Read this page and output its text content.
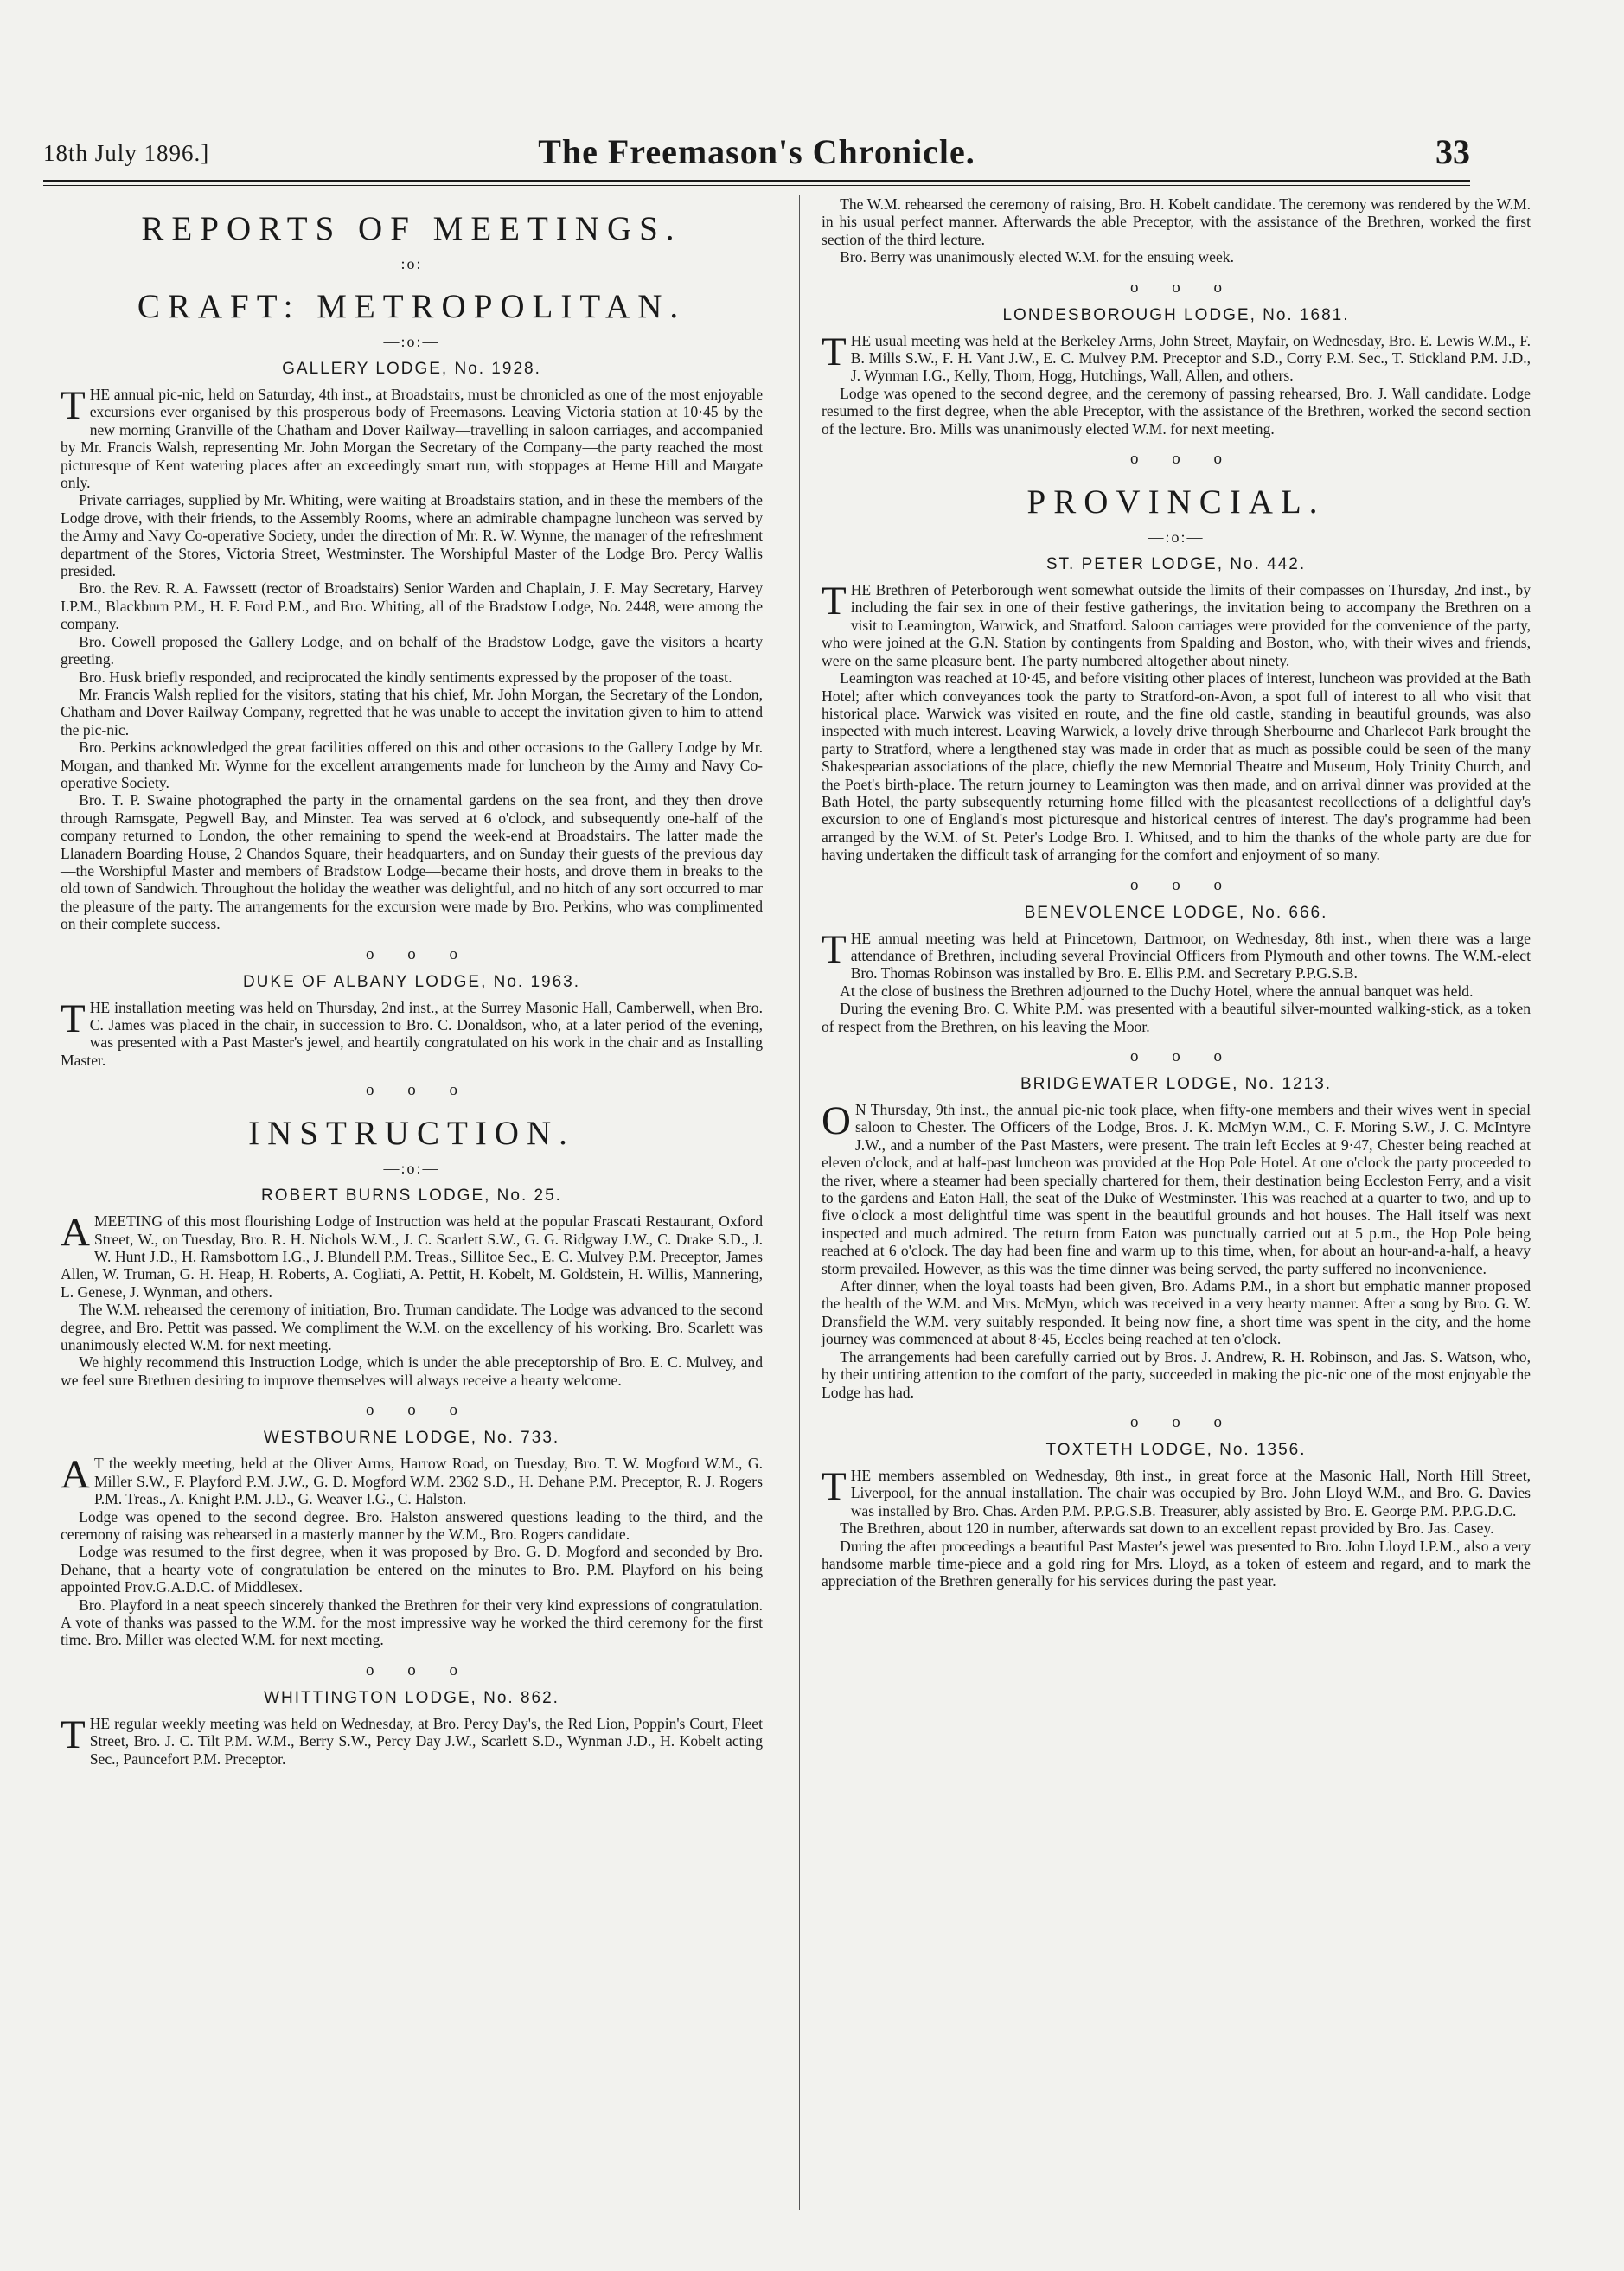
18th July 1896.]	The Freemason's Chronicle.	33
REPORTS OF MEETINGS.
—:o:—
CRAFT: METROPOLITAN.
—:o:—
GALLERY LODGE, No. 1928.

THE annual pic-nic, held on Saturday, 4th inst., at Broadstairs, must be chronicled as one of the most enjoyable excursions ever organised by this prosperous body of Freemasons. Leaving Victoria station at 10·45 by the new morning Granville of the Chatham and Dover Railway—travelling in saloon carriages, and accompanied by Mr. Francis Walsh, representing Mr. John Morgan the Secretary of the Company—the party reached the most picturesque of Kent watering places after an exceedingly smart run, with stoppages at Herne Hill and Margate only.

Private carriages, supplied by Mr. Whiting, were waiting at Broadstairs station, and in these the members of the Lodge drove, with their friends, to the Assembly Rooms, where an admirable champagne luncheon was served by the Army and Navy Co-operative Society, under the direction of Mr. R. W. Wynne, the manager of the refreshment department of the Stores, Victoria Street, Westminster. The Worshipful Master of the Lodge Bro. Percy Wallis presided.

Bro. the Rev. R. A. Fawssett (rector of Broadstairs) Senior Warden and Chaplain, J. F. May Secretary, Harvey I.P.M., Blackburn P.M., H. F. Ford P.M., and Bro. Whiting, all of the Bradstow Lodge, No. 2448, were among the company.

Bro. Cowell proposed the Gallery Lodge, and on behalf of the Bradstow Lodge, gave the visitors a hearty greeting.

Bro. Husk briefly responded, and reciprocated the kindly sentiments expressed by the proposer of the toast.

Mr. Francis Walsh replied for the visitors, stating that his chief, Mr. John Morgan, the Secretary of the London, Chatham and Dover Railway Company, regretted that he was unable to accept the invitation given to him to attend the pic-nic.

Bro. Perkins acknowledged the great facilities offered on this and other occasions to the Gallery Lodge by Mr. Morgan, and thanked Mr. Wynne for the excellent arrangements made for luncheon by the Army and Navy Co-operative Society.

Bro. T. P. Swaine photographed the party in the ornamental gardens on the sea front, and they then drove through Ramsgate, Pegwell Bay, and Minster. Tea was served at 6 o'clock, and subsequently one-half of the company returned to London, the other remaining to spend the week-end at Broadstairs. The latter made the Llanadern Boarding House, 2 Chandos Square, their headquarters, and on Sunday their guests of the previous day —the Worshipful Master and members of Bradstow Lodge—became their hosts, and drove them in breaks to the old town of Sandwich. Throughout the holiday the weather was delightful, and no hitch of any sort occurred to mar the pleasure of the party. The arrangements for the excursion were made by Bro. Perkins, who was complimented on their complete success.

o o o
DUKE OF ALBANY LODGE, No. 1963.

THE installation meeting was held on Thursday, 2nd inst., at the Surrey Masonic Hall, Camberwell, when Bro. C. James was placed in the chair, in succession to Bro. C. Donaldson, who, at a later period of the evening, was presented with a Past Master's jewel, and heartily congratulated on his work in the chair and as Installing Master.

o o o
INSTRUCTION.
—:o:—
ROBERT BURNS LODGE, No. 25.

AMEETING of this most flourishing Lodge of Instruction was held at the popular Frascati Restaurant, Oxford Street, W., on Tuesday, Bro. R. H. Nichols W.M., J. C. Scarlett S.W., G. G. Ridgway J.W., C. Drake S.D., J. W. Hunt J.D., H. Ramsbottom I.G., J. Blundell P.M. Treas., Sillitoe Sec., E. C. Mulvey P.M. Preceptor, James Allen, W. Truman, G. H. Heap, H. Roberts, A. Cogliati, A. Pettit, H. Kobelt, M. Goldstein, H. Willis, Mannering, L. Genese, J. Wynman, and others.

The W.M. rehearsed the ceremony of initiation, Bro. Truman candidate. The Lodge was advanced to the second degree, and Bro. Pettit was passed. We compliment the W.M. on the excellency of his working. Bro. Scarlett was unanimously elected W.M. for next meeting.

We highly recommend this Instruction Lodge, which is under the able preceptorship of Bro. E. C. Mulvey, and we feel sure Brethren desiring to improve themselves will always receive a hearty welcome.

o o o
WESTBOURNE LODGE, No. 733.

A T the weekly meeting, held at the Oliver Arms, Harrow Road, on Tuesday, Bro. T. W. Mogford W.M., G. Miller S.W., F. Playford P.M. J.W., G. D. Mogford W.M. 2362 S.D., H. Dehane P.M. Preceptor, R. J. Rogers P.M. Treas., A. Knight P.M. J.D., G. Weaver I.G., C. Halston.

Lodge was opened to the second degree. Bro. Halston answered questions leading to the third, and the ceremony of raising was rehearsed in a masterly manner by the W.M., Bro. Rogers candidate.

Lodge was resumed to the first degree, when it was proposed by Bro. G. D. Mogford and seconded by Bro. Dehane, that a hearty vote of congratulation be entered on the minutes to Bro. P.M. Playford on his being appointed Prov.G.A.D.C. of Middlesex.

Bro. Playford in a neat speech sincerely thanked the Brethren for their very kind expressions of congratulation. A vote of thanks was passed to the W.M. for the most impressive way he worked the third ceremony for the first time. Bro. Miller was elected W.M. for next meeting.

o o o
WHITTINGTON LODGE, No. 862.

THE regular weekly meeting was held on Wednesday, at Bro. Percy Day's, the Red Lion, Poppin's Court, Fleet Street, Bro. J. C. Tilt P.M. W.M., Berry S.W., Percy Day J.W., Scarlett S.D., Wynman J.D., H. Kobelt acting Sec., Pauncefort P.M. Preceptor.

The W.M. rehearsed the ceremony of raising, Bro. H. Kobelt candidate. The ceremony was rendered by the W.M. in his usual perfect manner. Afterwards the able Preceptor, with the assistance of the Brethren, worked the first section of the third lecture.

Bro. Berry was unanimously elected W.M. for the ensuing week.

o o o
LONDESBOROUGH LODGE, No. 1681.

THE usual meeting was held at the Berkeley Arms, John Street, Mayfair, on Wednesday, Bro. E. Lewis W.M., F. B. Mills S.W., F. H. Vant J.W., E. C. Mulvey P.M. Preceptor and S.D., Corry P.M. Sec., T. Stickland P.M. J.D., J. Wynman I.G., Kelly, Thorn, Hogg, Hutchings, Wall, Allen, and others.

Lodge was opened to the second degree, and the ceremony of passing rehearsed, Bro. J. Wall candidate. Lodge resumed to the first degree, when the able Preceptor, with the assistance of the Brethren, worked the second section of the lecture. Bro. Mills was unanimously elected W.M. for next meeting.

o o o
PROVINCIAL.
—:o:—
ST. PETER LODGE, No. 442.

THE Brethren of Peterborough went somewhat outside the limits of their compasses on Thursday, 2nd inst., by including the fair sex in one of their festive gatherings, the invitation being to accompany the Brethren on a visit to Leamington, Warwick, and Stratford. Saloon carriages were provided for the convenience of the party, who were joined at the G.N. Station by contingents from Spalding and Boston, who, with their wives and friends, were on the same pleasure bent. The party numbered altogether about ninety.

Leamington was reached at 10·45, and before visiting other places of interest, luncheon was provided at the Bath Hotel; after which conveyances took the party to Stratford-on-Avon, a spot full of interest to all who visit that historical place. Warwick was visited en route, and the fine old castle, standing in beautiful grounds, was also inspected with much interest. Leaving Warwick, a lovely drive through Sherbourne and Charlecot Park brought the party to Stratford, where a lengthened stay was made in order that as much as possible could be seen of the many Shakespearian associations of the place, chiefly the new Memorial Theatre and Museum, Holy Trinity Church, and the Poet's birth-place. The return journey to Leamington was then made, and on arrival dinner was provided at the Bath Hotel, the party subsequently returning home filled with the pleasantest recollections of a delightful day's excursion to one of England's most picturesque and historical centres of interest. The day's programme had been arranged by the W.M. of St. Peter's Lodge Bro. I. Whitsed, and to him the thanks of the whole party are due for having undertaken the difficult task of arranging for the comfort and enjoyment of so many.

o o o
BENEVOLENCE LODGE, No. 666.

THE annual meeting was held at Princetown, Dartmoor, on Wednesday, 8th inst., when there was a large attendance of Brethren, including several Provincial Officers from Plymouth and other towns. The W.M.-elect Bro. Thomas Robinson was installed by Bro. E. Ellis P.M. and Secretary P.P.G.S.B.

At the close of business the Brethren adjourned to the Duchy Hotel, where the annual banquet was held.

During the evening Bro. C. White P.M. was presented with a beautiful silver-mounted walking-stick, as a token of respect from the Brethren, on his leaving the Moor.

o o o
BRIDGEWATER LODGE, No. 1213.

O N Thursday, 9th inst., the annual pic-nic took place, when fifty-one members and their wives went in special saloon to Chester. The Officers of the Lodge, Bros. J. K. McMyn W.M., C. F. Moring S.W., J. C. McIntyre J.W., and a number of the Past Masters, were present. The train left Eccles at 9·47, Chester being reached at eleven o'clock, and at half-past luncheon was provided at the Hop Pole Hotel. At one o'clock the party proceeded to the river, where a steamer had been specially chartered for them, their destination being Eccleston Ferry, and a visit to the gardens and Eaton Hall, the seat of the Duke of Westminster. This was reached at a quarter to two, and up to five o'clock a most delightful time was spent in the beautiful grounds and hot houses. The Hall itself was next inspected and much admired. The return from Eaton was punctually carried out at 5 p.m., the Hop Pole being reached at 6 o'clock. The day had been fine and warm up to this time, when, for about an hour-and-a-half, a heavy storm prevailed. However, as this was the time dinner was being served, the party suffered no inconvenience.

After dinner, when the loyal toasts had been given, Bro. Adams P.M., in a short but emphatic manner proposed the health of the W.M. and Mrs. McMyn, which was received in a very hearty manner. After a song by Bro. G. W. Dransfield the W.M. very suitably responded. It being now fine, a short time was spent in the city, and the home journey was commenced at about 8·45, Eccles being reached at ten o'clock.

The arrangements had been carefully carried out by Bros. J. Andrew, R. H. Robinson, and Jas. S. Watson, who, by their untiring attention to the comfort of the party, succeeded in making the pic-nic one of the most enjoyable the Lodge has had.

o o o
TOXTETH LODGE, No. 1356.

THE members assembled on Wednesday, 8th inst., in great force at the Masonic Hall, North Hill Street, Liverpool, for the annual installation. The chair was occupied by Bro. John Lloyd W.M., and Bro. G. Davies was installed by Bro. Chas. Arden P.M. P.P.G.S.B. Treasurer, ably assisted by Bro. E. George P.M. P.P.G.D.C.

The Brethren, about 120 in number, afterwards sat down to an excellent repast provided by Bro. Jas. Casey.

During the after proceedings a beautiful Past Master's jewel was presented to Bro. John Lloyd I.P.M., also a very handsome marble time-piece and a gold ring for Mrs. Lloyd, as a token of esteem and regard, and to mark the appreciation of the Brethren generally for his services during the past year.
